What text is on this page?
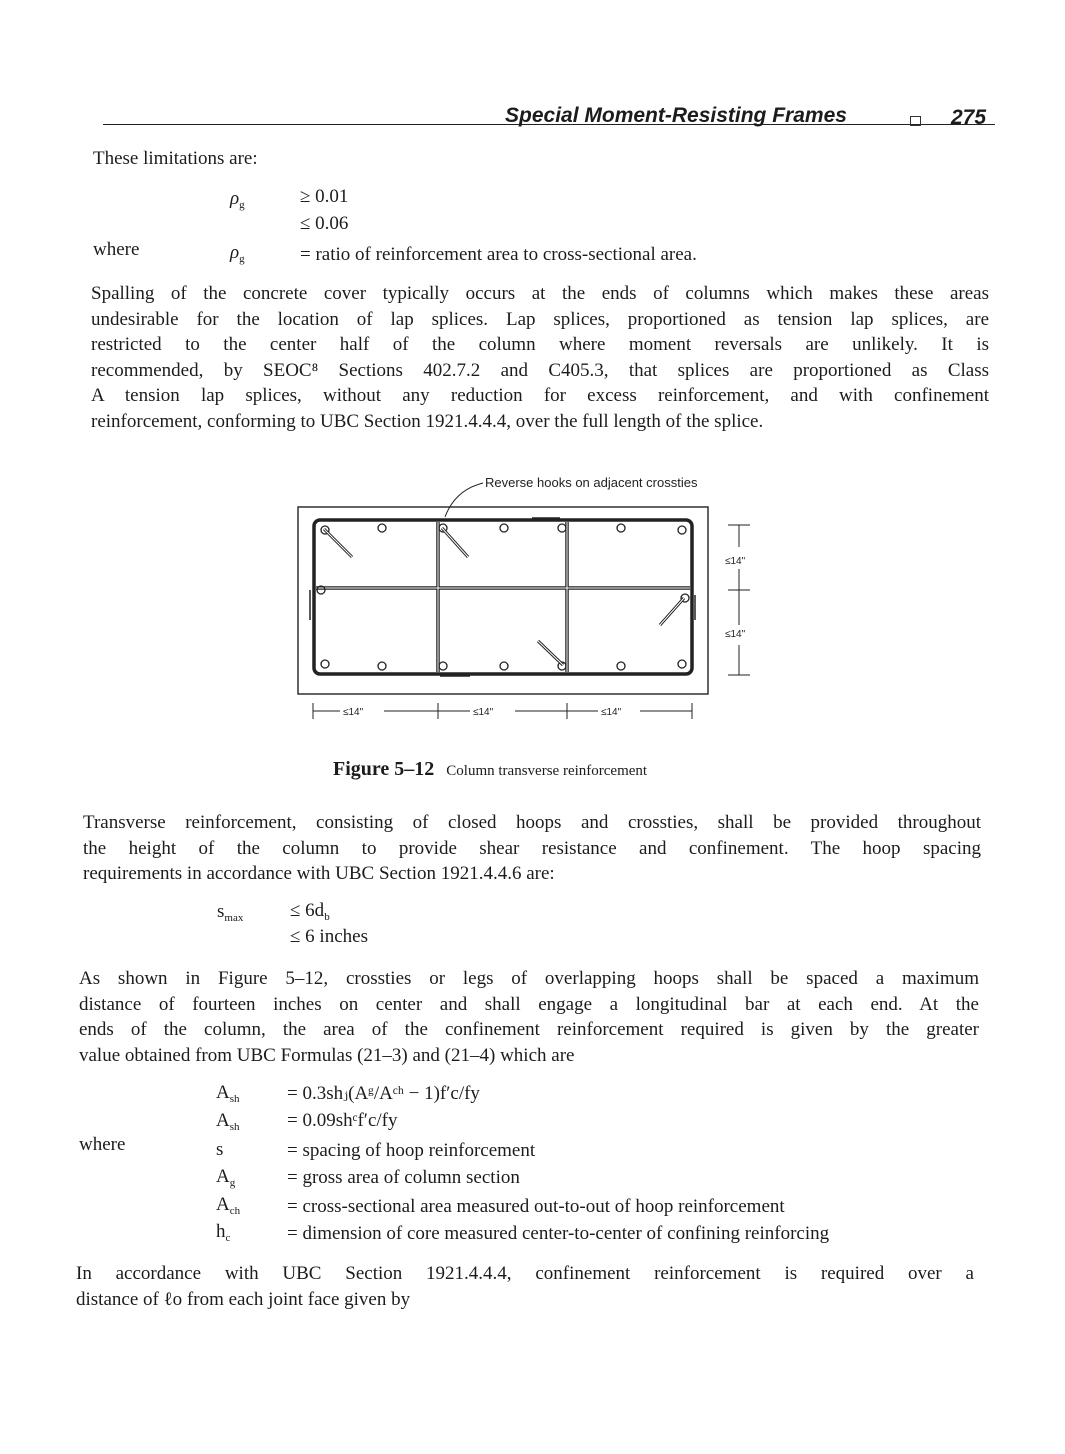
Special Moment-Resisting Frames	275
These limitations are:
$\rho_g$	≥ 0.01
≤ 0.06
where	$\rho_g$	= ratio of reinforcement area to cross-sectional area.
Spalling of the concrete cover typically occurs at the ends of columns which makes these areas
undesirable for the location of lap splices. Lap splices, proportioned as tension lap splices, are
restricted to the center half of the column where moment reversals are unlikely. It is
recommended, by SEOC⁸ Sections 402.7.2 and C405.3, that splices are proportioned as Class
A tension lap splices, without any reduction for excess reinforcement, and with confinement
reinforcement, conforming to UBC Section 1921.4.4.4, over the full length of the splice.
Reverse hooks on adjacent crossties
≤14"
≤14"
≤14"	≤14"	≤14"
Figure 5–12 Column transverse reinforcement
Transverse reinforcement, consisting of closed hoops and crossties, shall be provided throughout
the height of the column to provide shear resistance and confinement. The hoop spacing
requirements in accordance with UBC Section 1921.4.4.6 are:
$s_{max} \le 6d_b$
≤ 6 inches
As shown in Figure 5–12, crossties or legs of overlapping hoops shall be spaced a maximum
distance of fourteen inches on center and shall engage a longitudinal bar at each end. At the
ends of the column, the area of the confinement reinforcement required is given by the greater
value obtained from UBC Formulas (21–3) and (21–4) which are
$A_{sh}$ = 0.3shⱼ(Aᵍ/Aᶜʰ − 1)f′c/fy
$A_{sh}$ = 0.09shᶜf′c/fy
where	s	= spacing of hoop reinforcement
$A_g$	= gross area of column section
$A_{ch}$ = cross-sectional area measured out-to-out of hoop reinforcement
$h_c$	= dimension of core measured center-to-center of confining reinforcing
In accordance with UBC Section 1921.4.4.4, confinement reinforcement is required over a
distance of ℓo from each joint face given by
